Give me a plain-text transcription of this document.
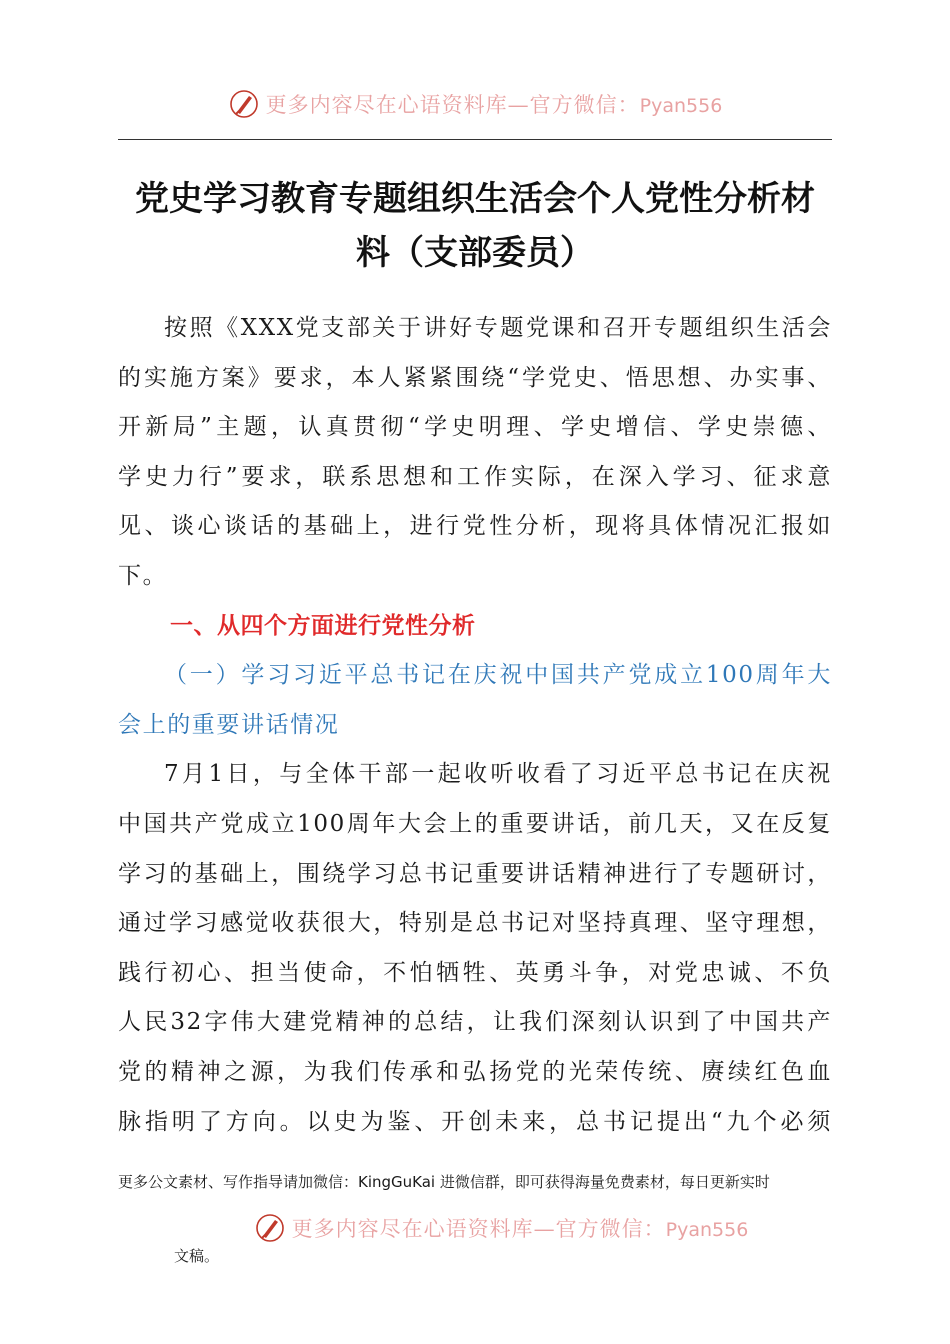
更多内容尽在心语资料库—官方微信：Pyan556
党史学习教育专题组织生活会个人党性分析材
料（支部委员）
按照《XXX党支部关于讲好专题党课和召开专题组织生活会
的实施方案》要求，本人紧紧围绕“学党史、悟思想、办实事、
开新局”主题，认真贯彻“学史明理、学史增信、学史崇德、
学史力行”要求，联系思想和工作实际，在深入学习、征求意
见、谈心谈话的基础上，进行党性分析，现将具体情况汇报如
下。
一、从四个方面进行党性分析
（一）学习习近平总书记在庆祝中国共产党成立100周年大
会上的重要讲话情况
7月1日，与全体干部一起收听收看了习近平总书记在庆祝
中国共产党成立100周年大会上的重要讲话，前几天，又在反复
学习的基础上，围绕学习总书记重要讲话精神进行了专题研讨，
通过学习感觉收获很大，特别是总书记对坚持真理、坚守理想，
践行初心、担当使命，不怕牺牲、英勇斗争，对党忠诚、不负
人民32字伟大建党精神的总结，让我们深刻认识到了中国共产
党的精神之源，为我们传承和弘扬党的光荣传统、赓续红色血
脉指明了方向。以史为鉴、开创未来，总书记提出“九个必须
更多公文素材、写作指导请加微信：KingGuKai 进微信群，即可获得海量免费素材，每日更新实时
更多内容尽在心语资料库—官方微信：Pyan556
文稿。
